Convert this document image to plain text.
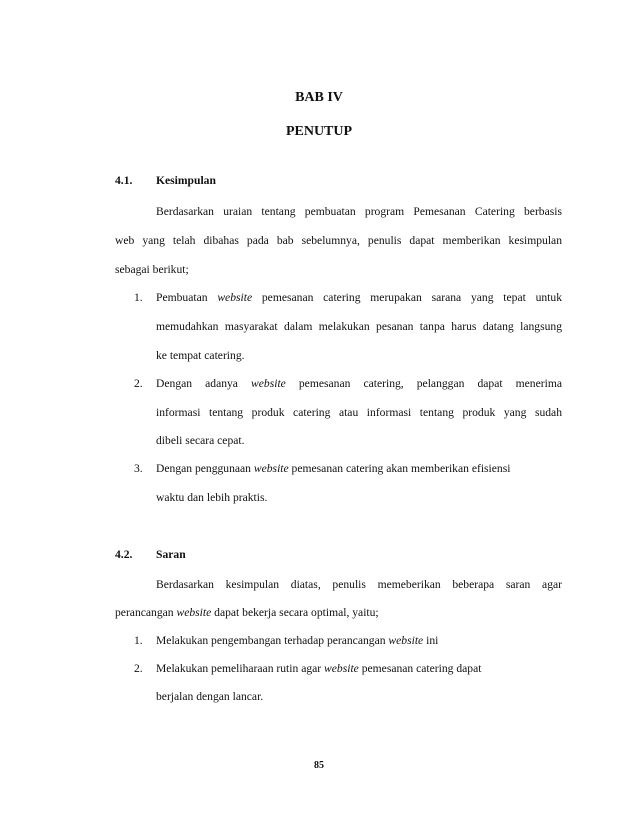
BAB IV
PENUTUP
4.1. Kesimpulan
Berdasarkan uraian tentang pembuatan program Pemesanan Catering berbasis
web yang telah dibahas pada bab sebelumnya, penulis dapat memberikan kesimpulan
sebagai berikut;
1. Pembuatan website pemesanan catering merupakan sarana yang tepat untuk
memudahkan masyarakat dalam melakukan pesanan tanpa harus datang langsung
ke tempat catering.
2. Dengan adanya website pemesanan catering, pelanggan dapat menerima
informasi tentang produk catering atau informasi tentang produk yang sudah
dibeli secara cepat.
3. Dengan penggunaan website pemesanan catering akan memberikan efisiensi
waktu dan lebih praktis.
4.2. Saran
Berdasarkan kesimpulan diatas, penulis memeberikan beberapa saran agar
perancangan website dapat bekerja secara optimal, yaitu;
1. Melakukan pengembangan terhadap perancangan website ini
2. Melakukan pemeliharaan rutin agar website pemesanan catering dapat
berjalan dengan lancar.
85
